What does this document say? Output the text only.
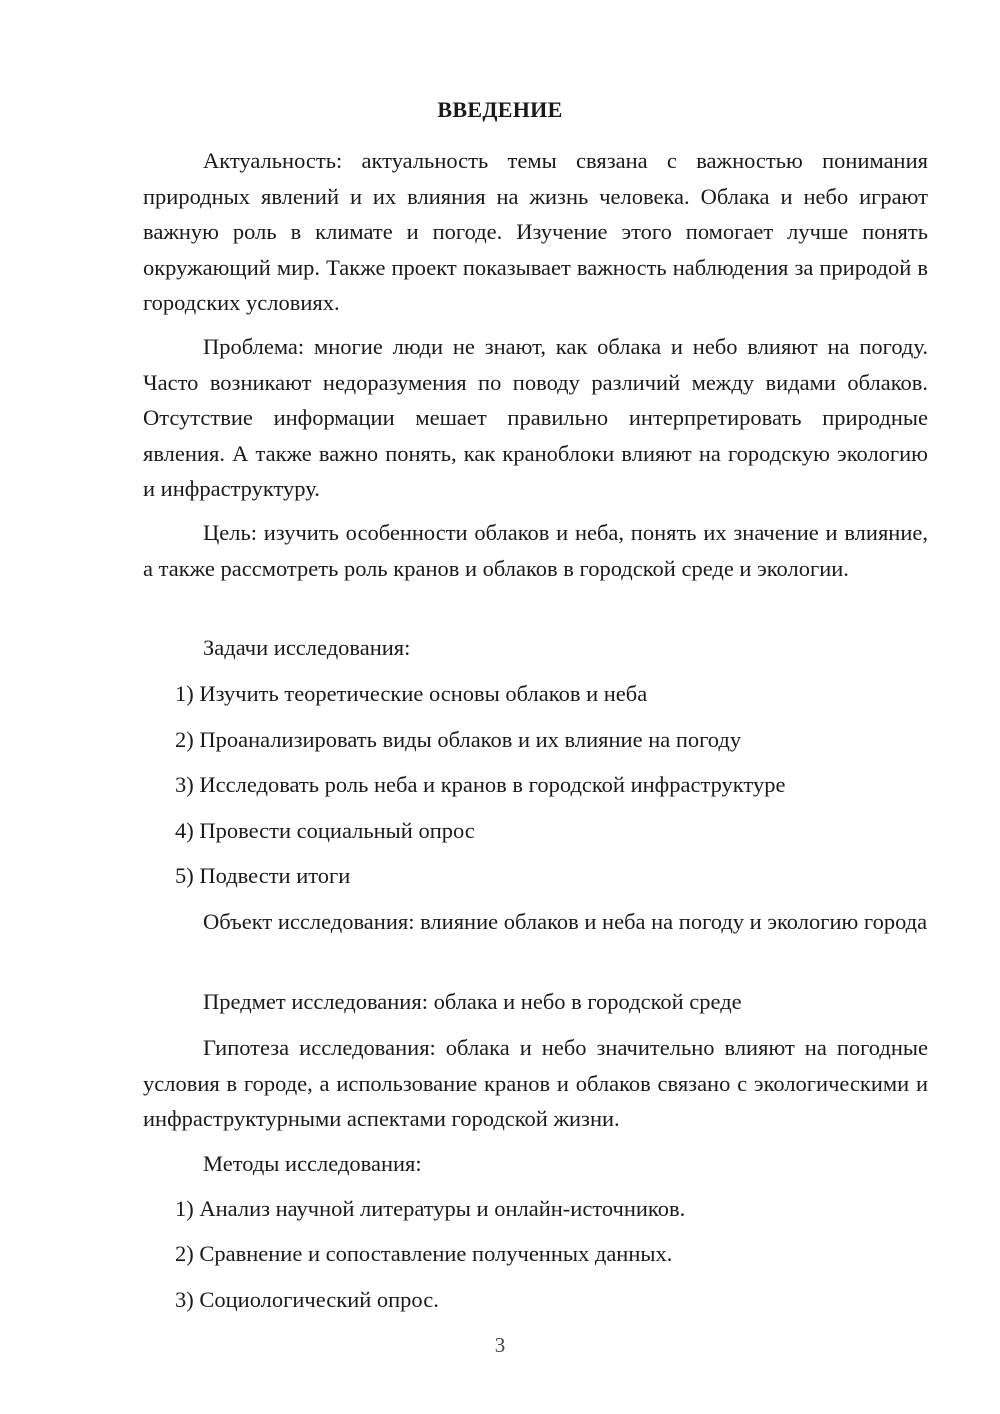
ВВЕДЕНИЕ

Актуальность: актуальность темы связана с важностью понимания природных явлений и их влияния на жизнь человека. Облака и небо играют важную роль в климате и погоде. Изучение этого помогает лучше понять окружающий мир. Также проект показывает важность наблюдения за природой в городских условиях.

Проблема: многие люди не знают, как облака и небо влияют на погоду. Часто возникают недоразумения по поводу различий между видами облаков. Отсутствие информации мешает правильно интерпретировать природные явления. А также важно понять, как краноблоки влияют на городскую экологию и инфраструктуру.

Цель: изучить особенности облаков и неба, понять их значение и влияние, а также рассмотреть роль кранов и облаков в городской среде и экологии.

Задачи исследования:
1) Изучить теоретические основы облаков и неба
2) Проанализировать виды облаков и их влияние на погоду
3) Исследовать роль неба и кранов в городской инфраструктуре
4) Провести социальный опрос
5) Подвести итоги

Объект исследования: влияние облаков и неба на погоду и экологию города

Предмет исследования: облака и небо в городской среде

Гипотеза исследования: облака и небо значительно влияют на погодные условия в городе, а использование кранов и облаков связано с экологическими и инфраструктурными аспектами городской жизни.

Методы исследования:
1) Анализ научной литературы и онлайн-источников.
2) Сравнение и сопоставление полученных данных.
3) Социологический опрос.
3
